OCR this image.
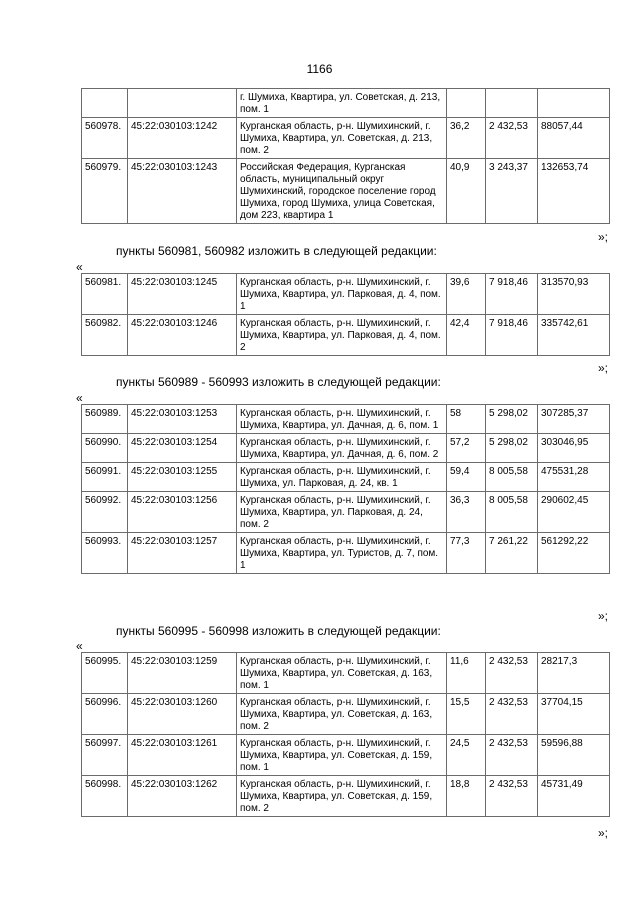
1166
		г. Шумиха, Квартира, ул. Советская, д. 213, пом. 1			
560978.	45:22:030103:1242	Курганская область, р-н. Шумихинский, г. Шумиха, Квартира, ул. Советская, д. 213, пом. 2	36,2	2 432,53	88057,44
560979.	45:22:030103:1243	Российская Федерация, Курганская область, муниципальный округ Шумихинский, городское поселение город Шумиха, город Шумиха, улица Советская, дом 223, квартира 1	40,9	3 243,37	132653,74
»;
пункты 560981, 560982 изложить в следующей редакции:
«
560981.	45:22:030103:1245	Курганская область, р-н. Шумихинский, г. Шумиха, Квартира, ул. Парковая, д. 4, пом. 1	39,6	7 918,46	313570,93
560982.	45:22:030103:1246	Курганская область, р-н. Шумихинский, г. Шумиха, Квартира, ул. Парковая, д. 4, пом. 2	42,4	7 918,46	335742,61
»;
пункты 560989 - 560993 изложить в следующей редакции:
«
560989.	45:22:030103:1253	Курганская область, р-н. Шумихинский, г. Шумиха, Квартира, ул. Дачная, д. 6, пом. 1	58	5 298,02	307285,37
560990.	45:22:030103:1254	Курганская область, р-н. Шумихинский, г. Шумиха, Квартира, ул. Дачная, д. 6, пом. 2	57,2	5 298,02	303046,95
560991.	45:22:030103:1255	Курганская область, р-н. Шумихинский, г. Шумиха, ул. Парковая, д. 24, кв. 1	59,4	8 005,58	475531,28
560992.	45:22:030103:1256	Курганская область, р-н. Шумихинский, г. Шумиха, Квартира, ул. Парковая, д. 24, пом. 2	36,3	8 005,58	290602,45
560993.	45:22:030103:1257	Курганская область, р-н. Шумихинский, г. Шумиха, Квартира, ул. Туристов, д. 7, пом. 1	77,3	7 261,22	561292,22
»;
пункты 560995 - 560998 изложить в следующей редакции:
«
560995.	45:22:030103:1259	Курганская область, р-н. Шумихинский, г. Шумиха, Квартира, ул. Советская, д. 163, пом. 1	11,6	2 432,53	28217,3
560996.	45:22:030103:1260	Курганская область, р-н. Шумихинский, г. Шумиха, Квартира, ул. Советская, д. 163, пом. 2	15,5	2 432,53	37704,15
560997.	45:22:030103:1261	Курганская область, р-н. Шумихинский, г. Шумиха, Квартира, ул. Советская, д. 159, пом. 1	24,5	2 432,53	59596,88
560998.	45:22:030103:1262	Курганская область, р-н. Шумихинский, г. Шумиха, Квартира, ул. Советская, д. 159, пом. 2	18,8	2 432,53	45731,49
»;
